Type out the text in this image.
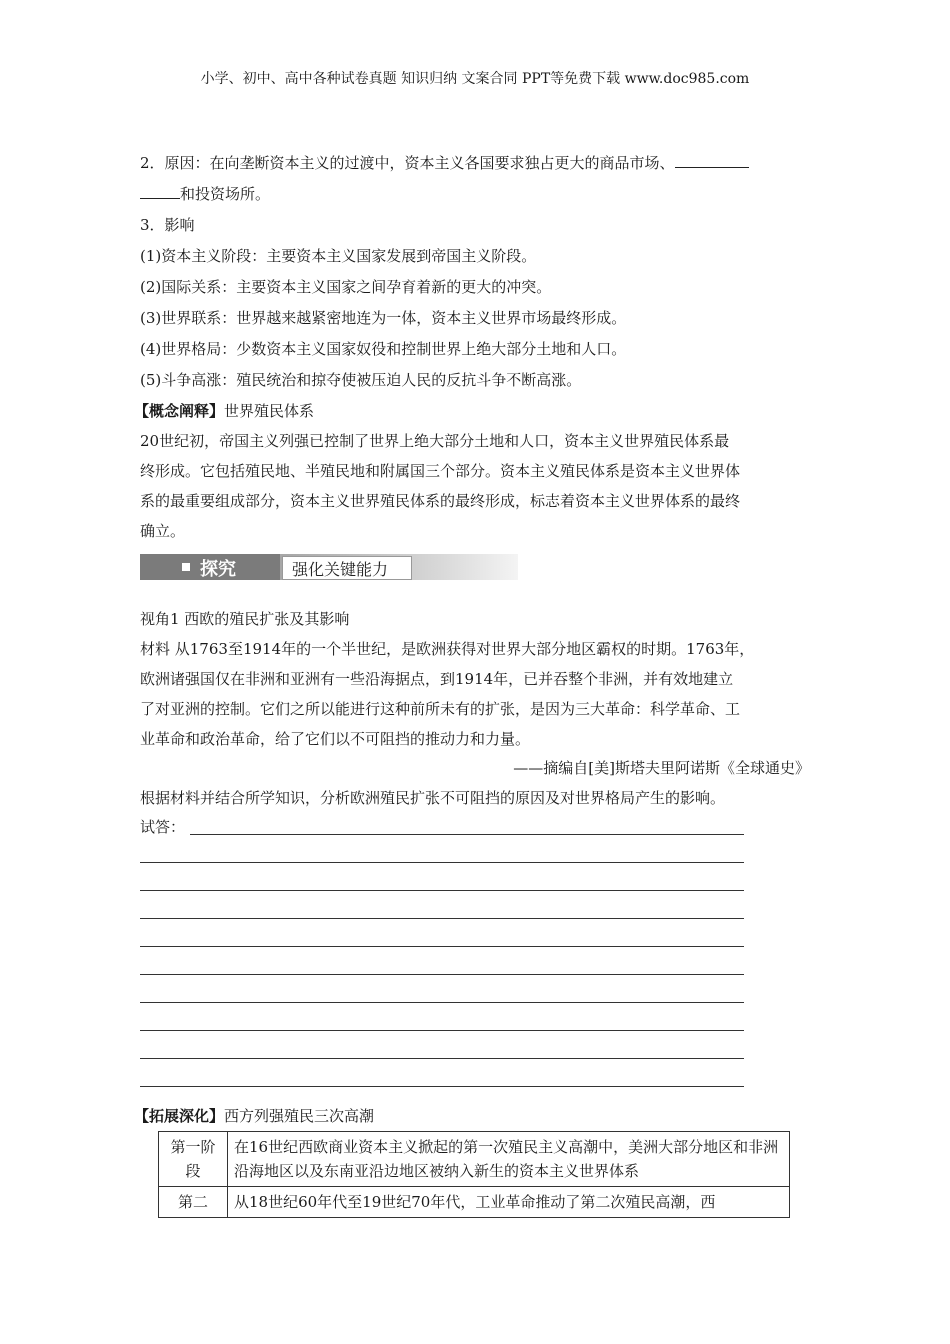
小学、初中、高中各种试卷真题 知识归纳 文案合同 PPT等免费下载 www.doc985.com
2．原因：在向垄断资本主义的过渡中，资本主义各国要求独占更大的商品市场、
和投资场所。
3．影响
(1)资本主义阶段：主要资本主义国家发展到帝国主义阶段。
(2)国际关系：主要资本主义国家之间孕育着新的更大的冲突。
(3)世界联系：世界越来越紧密地连为一体，资本主义世界市场最终形成。
(4)世界格局：少数资本主义国家奴役和控制世界上绝大部分土地和人口。
(5)斗争高涨：殖民统治和掠夺使被压迫人民的反抗斗争不断高涨。
【概念阐释】世界殖民体系
20世纪初，帝国主义列强已控制了世界上绝大部分土地和人口，资本主义世界殖民体系最
终形成。它包括殖民地、半殖民地和附属国三个部分。资本主义殖民体系是资本主义世界体
系的最重要组成部分，资本主义世界殖民体系的最终形成，标志着资本主义世界体系的最终
确立。
探究	强化关键能力
视角1 西欧的殖民扩张及其影响
材料 从1763至1914年的一个半世纪，是欧洲获得对世界大部分地区霸权的时期。1763年，
欧洲诸强国仅在非洲和亚洲有一些沿海据点，到1914年，已并吞整个非洲，并有效地建立
了对亚洲的控制。它们之所以能进行这种前所未有的扩张，是因为三大革命：科学革命、工
业革命和政治革命，给了它们以不可阻挡的推动力和力量。
——摘编自[美]斯塔夫里阿诺斯《全球通史》
根据材料并结合所学知识，分析欧洲殖民扩张不可阻挡的原因及对世界格局产生的影响。
试答：
【拓展深化】西方列强殖民三次高潮
第一阶段	在16世纪西欧商业资本主义掀起的第一次殖民主义高潮中，美洲大部分地区和非洲沿海地区以及东南亚沿边地区被纳入新生的资本主义世界体系
第二	从18世纪60年代至19世纪70年代，工业革命推动了第二次殖民高潮，西
